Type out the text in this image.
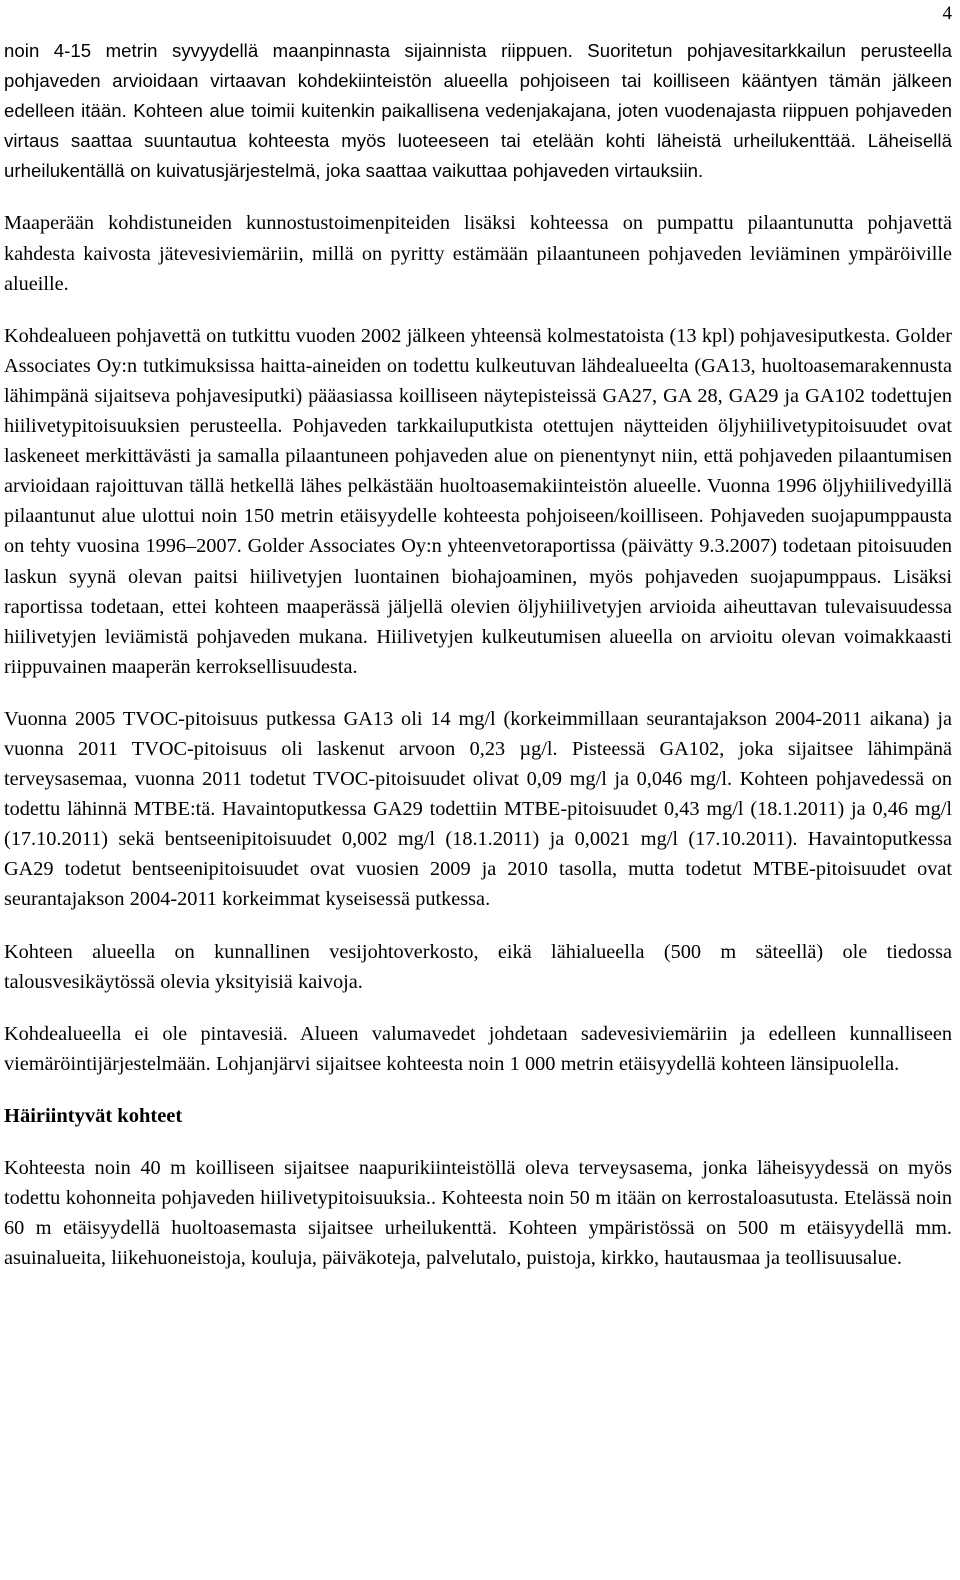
4

noin 4-15 metrin syvyydellä maanpinnasta sijainnista riippuen. Suoritetun pohjavesitarkkailun perusteella pohjaveden arvioidaan virtaavan kohdekiinteistön alueella pohjoiseen tai koilliseen kääntyen tämän jälkeen edelleen itään. Kohteen alue toimii kuitenkin paikallisena vedenjakajana, joten vuodenajasta riippuen pohjaveden virtaus saattaa suuntautua kohteesta myös luoteeseen tai etelään kohti läheistä urheilukenttää. Läheisellä urheilukentällä on kuivatusjärjestelmä, joka saattaa vaikuttaa pohjaveden virtauksiin.

Maaperään kohdistuneiden kunnostustoimenpiteiden lisäksi kohteessa on pumpattu pilaantunutta pohjavettä kahdesta kaivosta jätevesiviemäriin, millä on pyritty estämään pilaantuneen pohjaveden leviäminen ympäröiville alueille.

Kohdealueen pohjavettä on tutkittu vuoden 2002 jälkeen yhteensä kolmestatoista (13 kpl) pohjavesiputkesta. Golder Associates Oy:n tutkimuksissa haitta-aineiden on todettu kulkeutuvan lähdealueelta (GA13, huoltoasemarakennusta lähimpänä sijaitseva pohjavesiputki) pääasiassa koilliseen näytepisteissä GA27, GA 28, GA29 ja GA102 todettujen hiilivetypitoisuuksien perusteella. Pohjaveden tarkkailuputkista otettujen näytteiden öljyhiilivetypitoisuudet ovat laskeneet merkittävästi ja samalla pilaantuneen pohjaveden alue on pienentynyt niin, että pohjaveden pilaantumisen arvioidaan rajoittuvan tällä hetkellä lähes pelkästään huoltoasemakiinteistön alueelle. Vuonna 1996 öljyhiilivedyillä pilaantunut alue ulottui noin 150 metrin etäisyydelle kohteesta pohjoiseen/koilliseen. Pohjaveden suojapumppausta on tehty vuosina 1996–2007. Golder Associates Oy:n yhteenvetoraportissa (päivätty 9.3.2007) todetaan pitoisuuden laskun syynä olevan paitsi hiilivetyjen luontainen biohajoaminen, myös pohjaveden suojapumppaus. Lisäksi raportissa todetaan, ettei kohteen maaperässä jäljellä olevien öljyhiilivetyjen arvioida aiheuttavan tulevaisuudessa hiilivetyjen leviämistä pohjaveden mukana. Hiilivetyjen kulkeutumisen alueella on arvioitu olevan voimakkaasti riippuvainen maaperän kerroksellisuudesta.

Vuonna 2005 TVOC-pitoisuus putkessa GA13 oli 14 mg/l (korkeimmillaan seurantajakson 2004-2011 aikana) ja vuonna 2011 TVOC-pitoisuus oli laskenut arvoon 0,23 µg/l. Pisteessä GA102, joka sijaitsee lähimpänä terveysasemaa, vuonna 2011 todetut TVOC-pitoisuudet olivat 0,09 mg/l ja 0,046 mg/l. Kohteen pohjavedessä on todettu lähinnä MTBE:tä. Havaintoputkessa GA29 todettiin MTBE-pitoisuudet 0,43 mg/l (18.1.2011) ja 0,46 mg/l (17.10.2011) sekä bentseenipitoisuudet 0,002 mg/l (18.1.2011) ja 0,0021 mg/l (17.10.2011). Havaintoputkessa GA29 todetut bentseenipitoisuudet ovat vuosien 2009 ja 2010 tasolla, mutta todetut MTBE-pitoisuudet ovat seurantajakson 2004-2011 korkeimmat kyseisessä putkessa.

Kohteen alueella on kunnallinen vesijohtoverkosto, eikä lähialueella (500 m säteellä) ole tiedossa talousvesikäytössä olevia yksityisiä kaivoja.

Kohdealueella ei ole pintavesiä. Alueen valumavedet johdetaan sadevesiviemäriin ja edelleen kunnalliseen viemäröintijärjestelmään. Lohjanjärvi sijaitsee kohteesta noin 1 000 metrin etäisyydellä kohteen länsipuolella.

Häiriintyvät kohteet

Kohteesta noin 40 m koilliseen sijaitsee naapurikiinteistöllä oleva terveysasema, jonka läheisyydessä on myös todettu kohonneita pohjaveden hiilivetypitoisuuksia.. Kohteesta noin 50 m itään on kerrostaloasutusta. Etelässä noin 60 m etäisyydellä huoltoasemasta sijaitsee urheilukenttä. Kohteen ympäristössä on 500 m etäisyydellä mm. asuinalueita, liikehuoneistoja, kouluja, päiväkoteja, palvelutalo, puistoja, kirkko, hautausmaa ja teollisuusalue.
